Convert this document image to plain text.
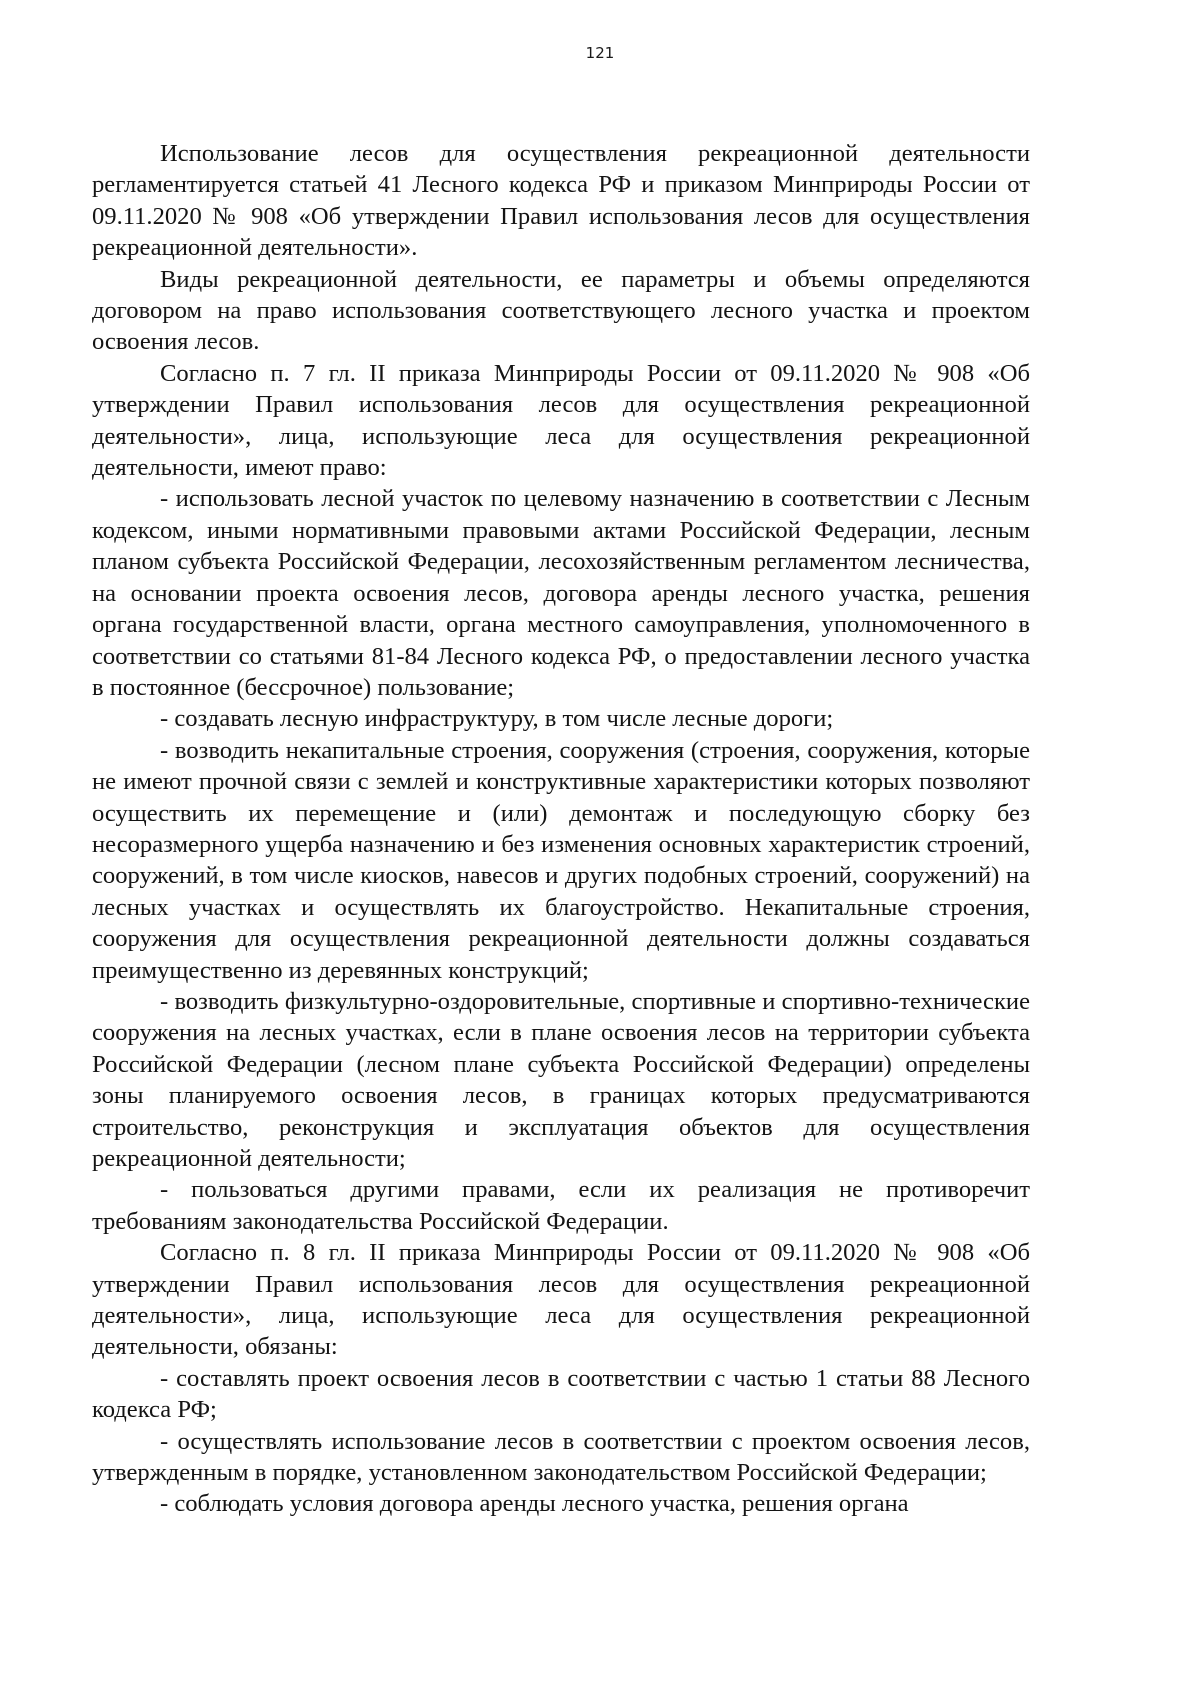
121

Использование лесов для осуществления рекреационной деятельности регламентируется статьей 41 Лесного кодекса РФ и приказом Минприроды России от 09.11.2020 № 908 «Об утверждении Правил использования лесов для осуществления рекреационной деятельности».

Виды рекреационной деятельности, ее параметры и объемы определяются договором на право использования соответствующего лесного участка и проектом освоения лесов.

Согласно п. 7 гл. II приказа Минприроды России от 09.11.2020 № 908 «Об утверждении Правил использования лесов для осуществления рекреационной деятельности», лица, использующие леса для осуществления рекреационной деятельности, имеют право:

- использовать лесной участок по целевому назначению в соответствии с Лесным кодексом, иными нормативными правовыми актами Российской Федерации, лесным планом субъекта Российской Федерации, лесохозяйственным регламентом лесничества, на основании проекта освоения лесов, договора аренды лесного участка, решения органа государственной власти, органа местного самоуправления, уполномоченного в соответствии со статьями 81-84 Лесного кодекса РФ, о предоставлении лесного участка в постоянное (бессрочное) пользование;

- создавать лесную инфраструктуру, в том числе лесные дороги;

- возводить некапитальные строения, сооружения (строения, сооружения, которые не имеют прочной связи с землей и конструктивные характеристики которых позволяют осуществить их перемещение и (или) демонтаж и последующую сборку без несоразмерного ущерба назначению и без изменения основных характеристик строений, сооружений, в том числе киосков, навесов и других подобных строений, сооружений) на лесных участках и осуществлять их благоустройство. Некапитальные строения, сооружения для осуществления рекреационной деятельности должны создаваться преимущественно из деревянных конструкций;

- возводить физкультурно-оздоровительные, спортивные и спортивно-технические сооружения на лесных участках, если в плане освоения лесов на территории субъекта Российской Федерации (лесном плане субъекта Российской Федерации) определены зоны планируемого освоения лесов, в границах которых предусматриваются строительство, реконструкция и эксплуатация объектов для осуществления рекреационной деятельности;

- пользоваться другими правами, если их реализация не противоречит требованиям законодательства Российской Федерации.

Согласно п. 8 гл. II приказа Минприроды России от 09.11.2020 № 908 «Об утверждении Правил использования лесов для осуществления рекреационной деятельности», лица, использующие леса для осуществления рекреационной деятельности, обязаны:

- составлять проект освоения лесов в соответствии с частью 1 статьи 88 Лесного кодекса РФ;

- осуществлять использование лесов в соответствии с проектом освоения лесов, утвержденным в порядке, установленном законодательством Российской Федерации;

- соблюдать условия договора аренды лесного участка, решения органа
